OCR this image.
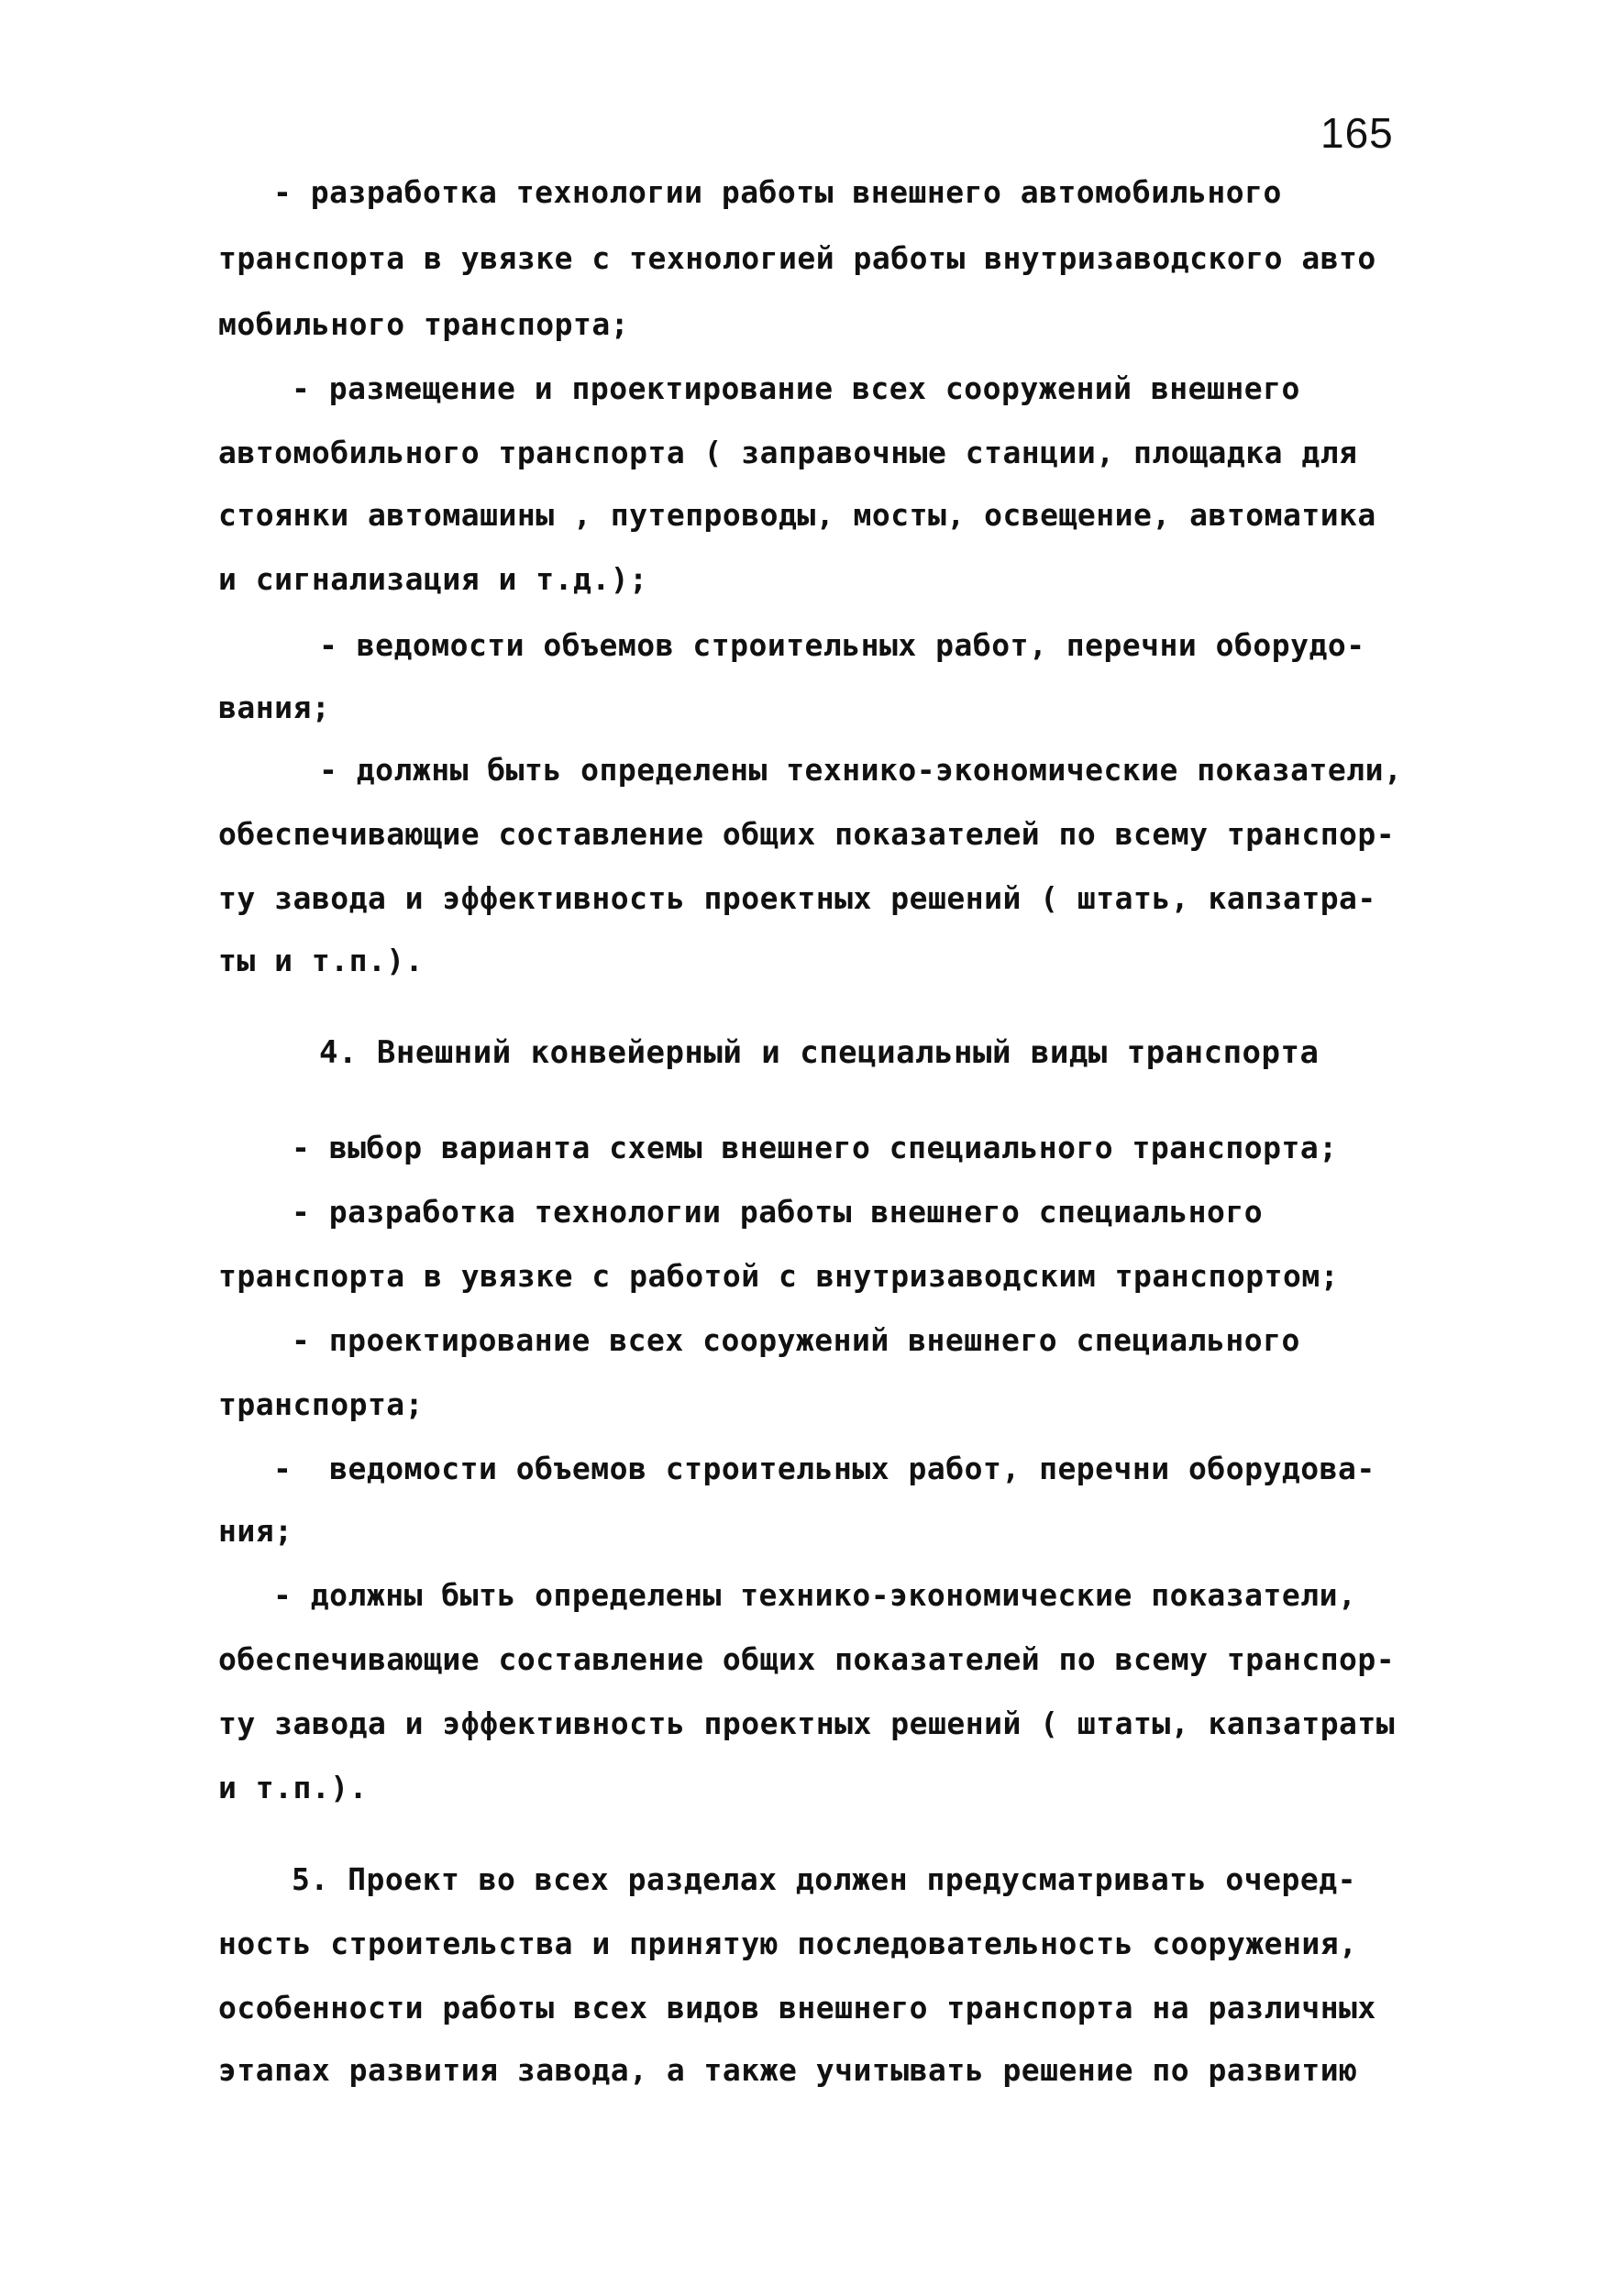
165
- разработка технологии работы внешнего автомобильного
транспорта в увязке с технологией работы внутризаводского авто
мобильного транспорта;
- размещение и проектирование всех сооружений внешнего
автомобильного транспорта ( заправочные станции, площадка для
стоянки автомашины , путепроводы, мосты, освещение, автоматика
и сигнализация и т.д.);
- ведомости объемов строительных работ, перечни оборудо-
вания;
- должны быть определены технико-экономические показатели,
обеспечивающие составление общих показателей по всему транспор-
ту завода и эффективность проектных решений ( штать, капзатра-
ты и т.п.).
4. Внешний конвейерный и специальный виды транспорта
- выбор варианта схемы внешнего специального транспорта;
- разработка технологии работы внешнего специального
транспорта в увязке с работой с внутризаводским транспортом;
- проектирование всех сооружений внешнего специального
транспорта;
-  ведомости объемов строительных работ, перечни оборудова-
ния;
- должны быть определены технико-экономические показатели,
обеспечивающие составление общих показателей по всему транспор-
ту завода и эффективность проектных решений ( штаты, капзатраты
и т.п.).
5. Проект во всех разделах должен предусматривать очеред-
ность строительства и принятую последовательность сооружения,
особенности работы всех видов внешнего транспорта на различных
этапах развития завода, а также учитывать решение по развитию
